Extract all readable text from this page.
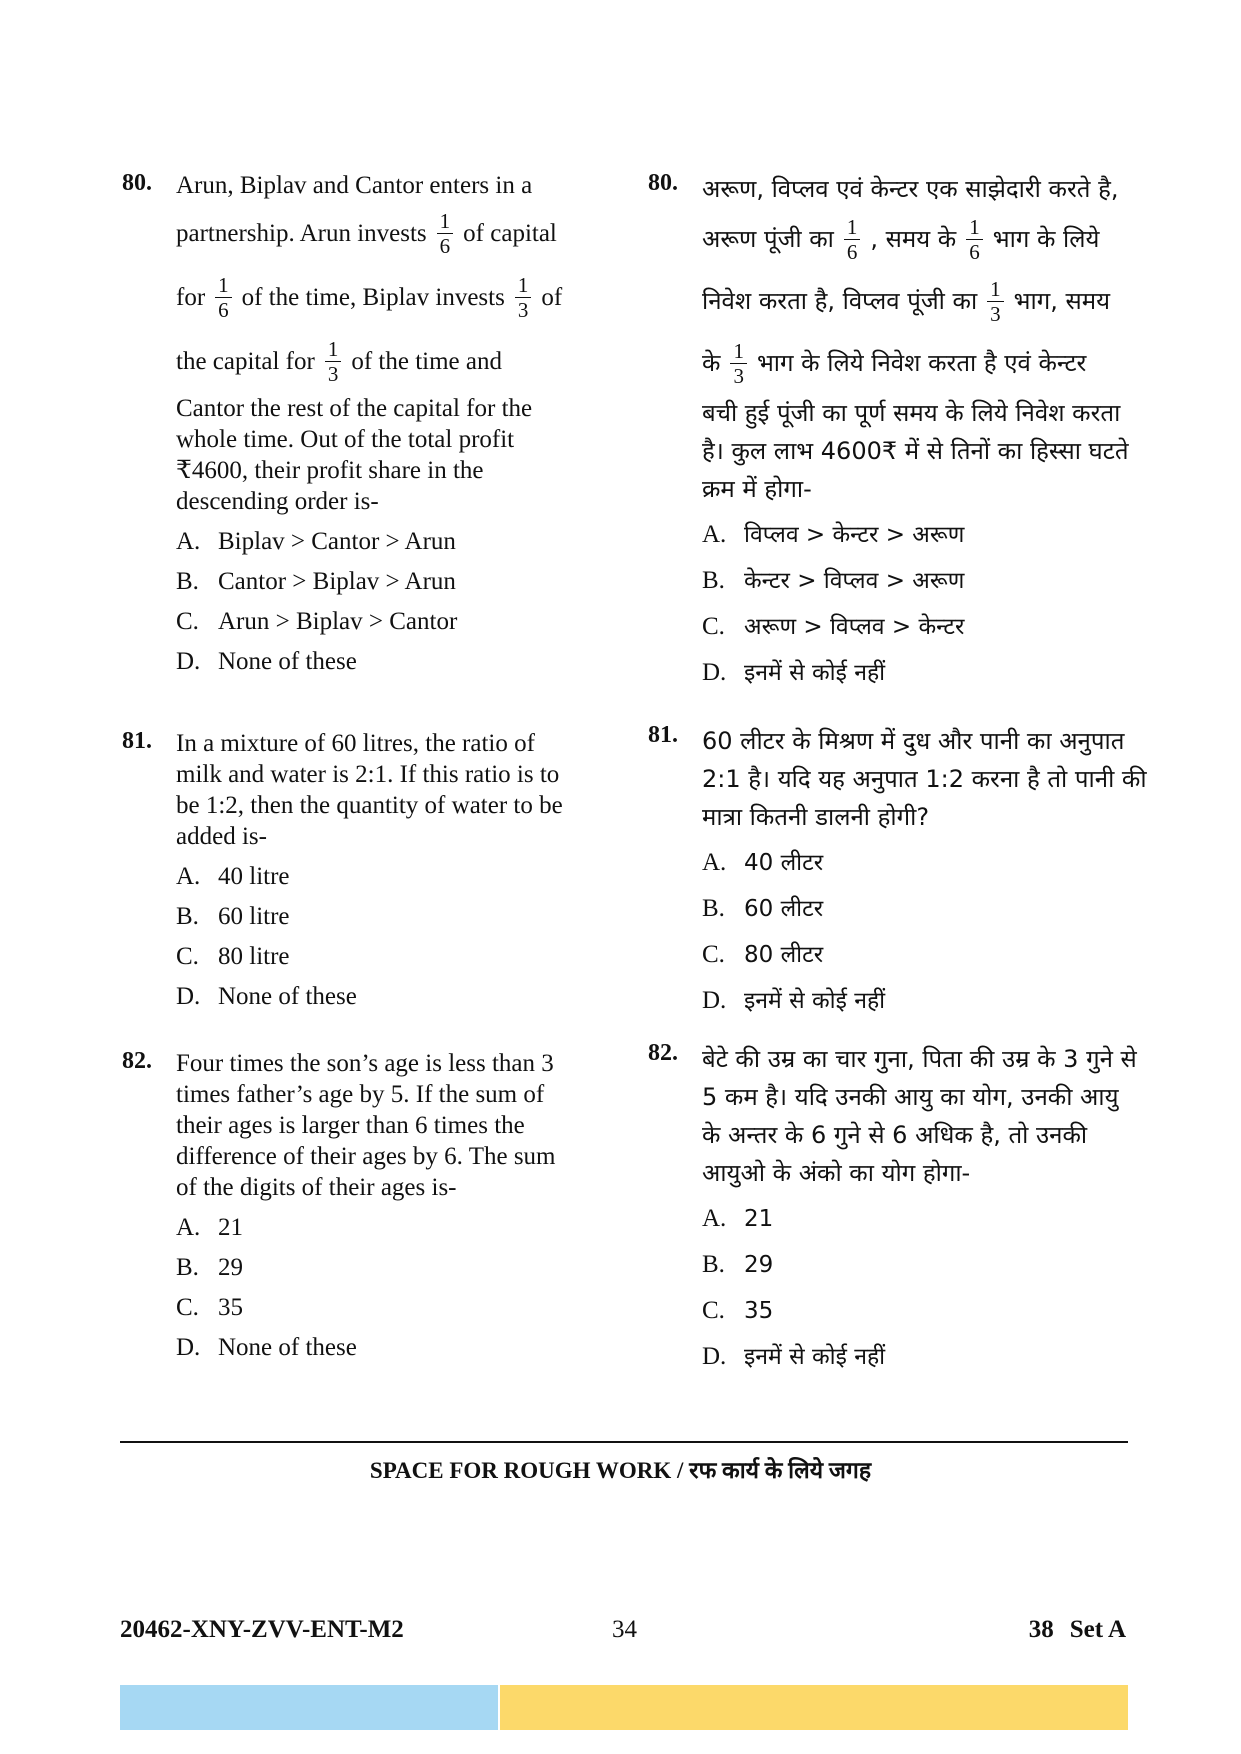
80. Arun, Biplav and Cantor enters in a
partnership. Arun invests 1
6 of capital
for 1
6 of the time, Biplav invests 1
3 of
the capital for 1
3 of the time and
Cantor the rest of the capital for the
whole time. Out of the total profit
₹4600, their profit share in the
descending order is-
A. Biplav > Cantor > Arun
B. Cantor > Biplav > Arun
C. Arun > Biplav > Cantor
D. None of these
81. In a mixture of 60 litres, the ratio of
milk and water is 2:1. If this ratio is to
be 1:2, then the quantity of water to be
added is-
A. 40 litre
B. 60 litre
C. 80 litre
D. None of these
82. Four times the son’s age is less than 3
times father’s age by 5. If the sum of
their ages is larger than 6 times the
difference of their ages by 6. The sum
of the digits of their ages is-
A. 21
B. 29
C. 35
D. None of these
80. अरूण, विप्लव एवं केन्टर एक साझेदारी करते है,
अरूण पूंजी का 1
6 , समय के 1
6 भाग के लिये
निवेश करता है, विप्लव पूंजी का 1
3 भाग, समय
के 1
3 भाग के लिये निवेश करता है एवं केन्टर
बची हुई पूंजी का पूर्ण समय के लिये निवेश करता
है। कुल लाभ 4600₹ में से तिनों का हिस्सा घटते
क्रम में होगा-
A. विप्लव > केन्टर > अरूण
B. केन्टर > विप्लव > अरूण
C. अरूण > विप्लव > केन्टर
D. इनमें से कोई नहीं
81. 60 लीटर के मिश्रण में दुध और पानी का अनुपात
2:1 है। यदि यह अनुपात 1:2 करना है तो पानी की
मात्रा कितनी डालनी होगी?
A. 40 लीटर
B. 60 लीटर
C. 80 लीटर
D. इनमें से कोई नहीं
82. बेटे की उम्र का चार गुना, पिता की उम्र के 3 गुने से
5 कम है। यदि उनकी आयु का योग, उनकी आयु
के अन्तर के 6 गुने से 6 अधिक है, तो उनकी
आयुओ के अंको का योग होगा-
A. 21
B. 29
C. 35
D. इनमें से कोई नहीं
SPACE FOR ROUGH WORK / रफ कार्य के लिये जगह
20462-XNY-ZVV-ENT-M2	34	38 Set A
